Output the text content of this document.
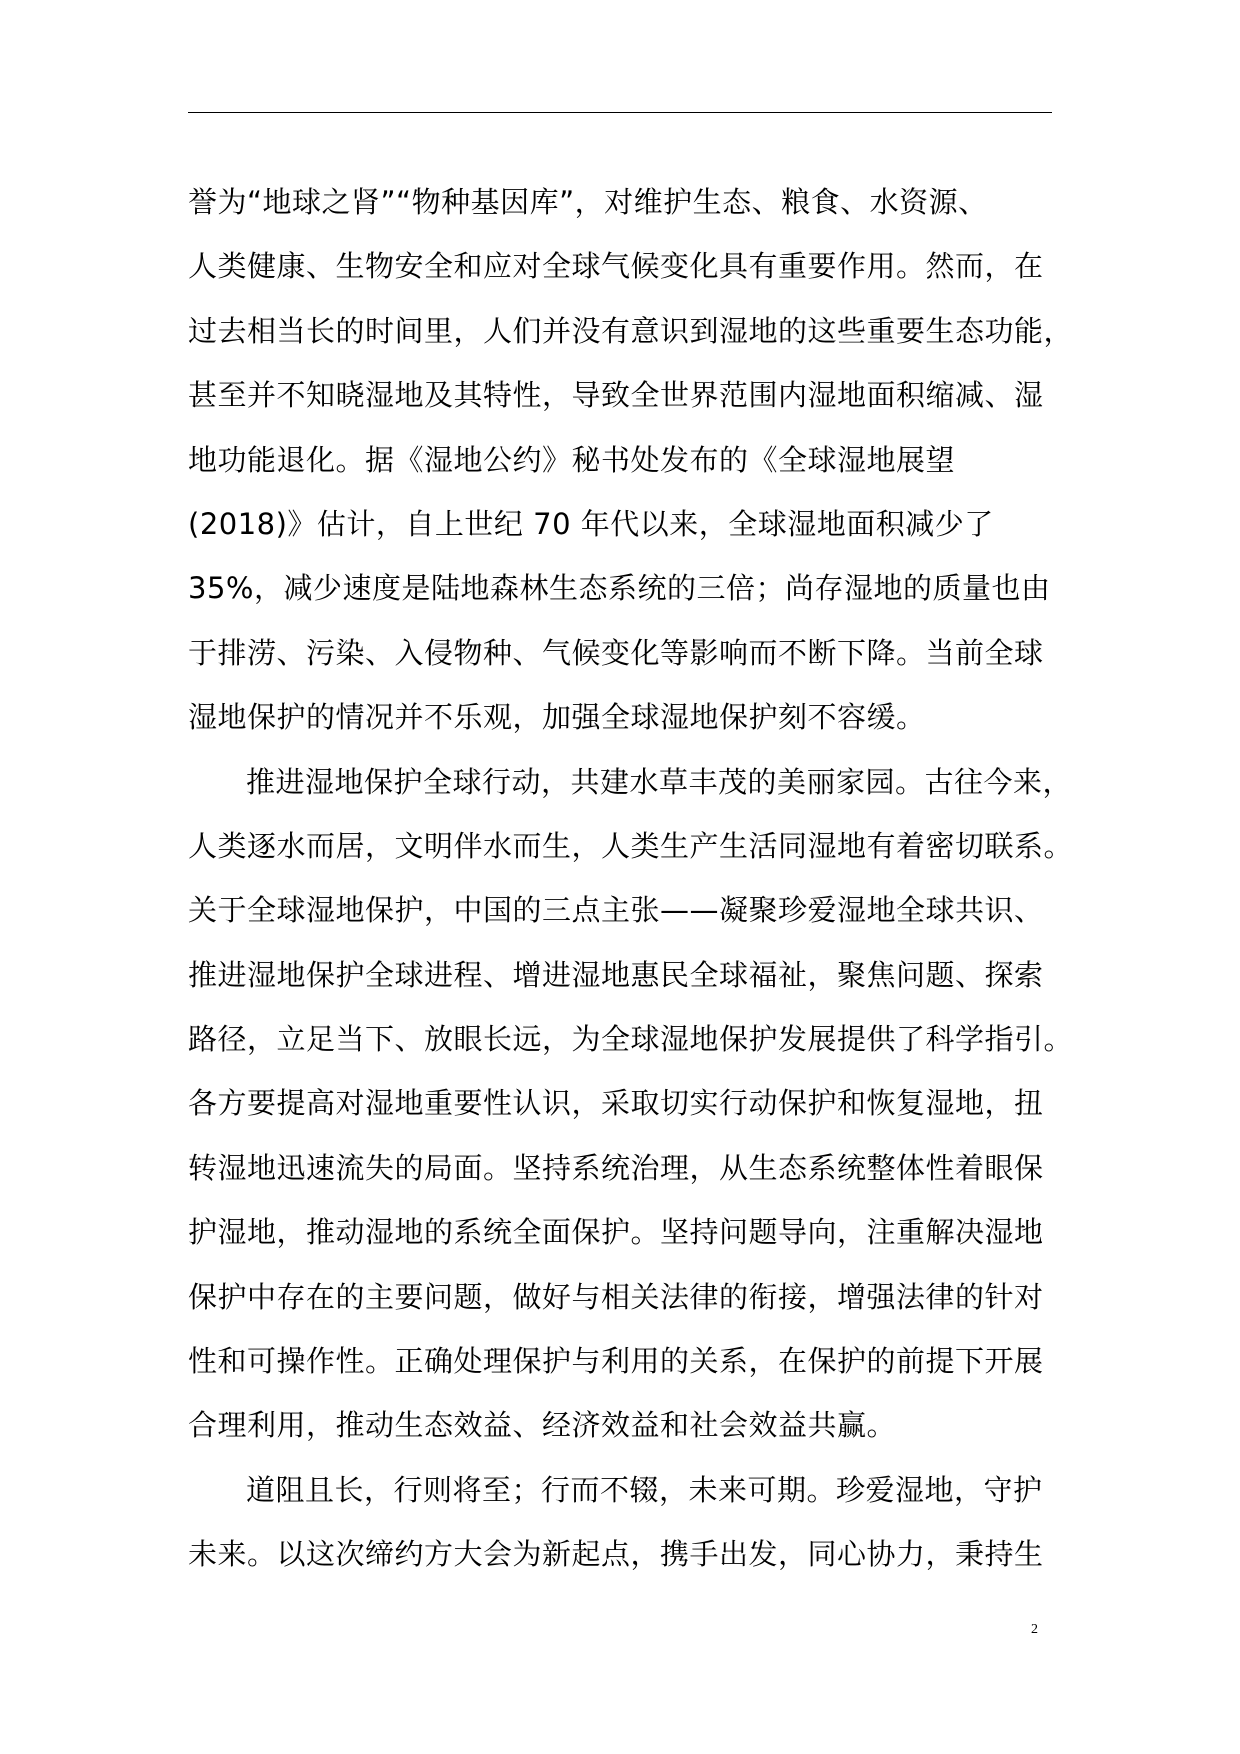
誉为“地球之肾”“物种基因库”，对维护生态、粮食、水资源、
人类健康、生物安全和应对全球气候变化具有重要作用。然而，在
过去相当长的时间里，人们并没有意识到湿地的这些重要生态功能，
甚至并不知晓湿地及其特性，导致全世界范围内湿地面积缩减、湿
地功能退化。据《湿地公约》秘书处发布的《全球湿地展望
(2018)》估计，自上世纪 70 年代以来，全球湿地面积减少了
35%，减少速度是陆地森林生态系统的三倍；尚存湿地的质量也由
于排涝、污染、入侵物种、气候变化等影响而不断下降。当前全球
湿地保护的情况并不乐观，加强全球湿地保护刻不容缓。
推进湿地保护全球行动，共建水草丰茂的美丽家园。古往今来，
人类逐水而居，文明伴水而生，人类生产生活同湿地有着密切联系。
关于全球湿地保护，中国的三点主张——凝聚珍爱湿地全球共识、
推进湿地保护全球进程、增进湿地惠民全球福祉，聚焦问题、探索
路径，立足当下、放眼长远，为全球湿地保护发展提供了科学指引。
各方要提高对湿地重要性认识，采取切实行动保护和恢复湿地，扭
转湿地迅速流失的局面。坚持系统治理，从生态系统整体性着眼保
护湿地，推动湿地的系统全面保护。坚持问题导向，注重解决湿地
保护中存在的主要问题，做好与相关法律的衔接，增强法律的针对
性和可操作性。正确处理保护与利用的关系，在保护的前提下开展
合理利用，推动生态效益、经济效益和社会效益共赢。
道阻且长，行则将至；行而不辍，未来可期。珍爱湿地，守护
未来。以这次缔约方大会为新起点，携手出发，同心协力，秉持生
2
